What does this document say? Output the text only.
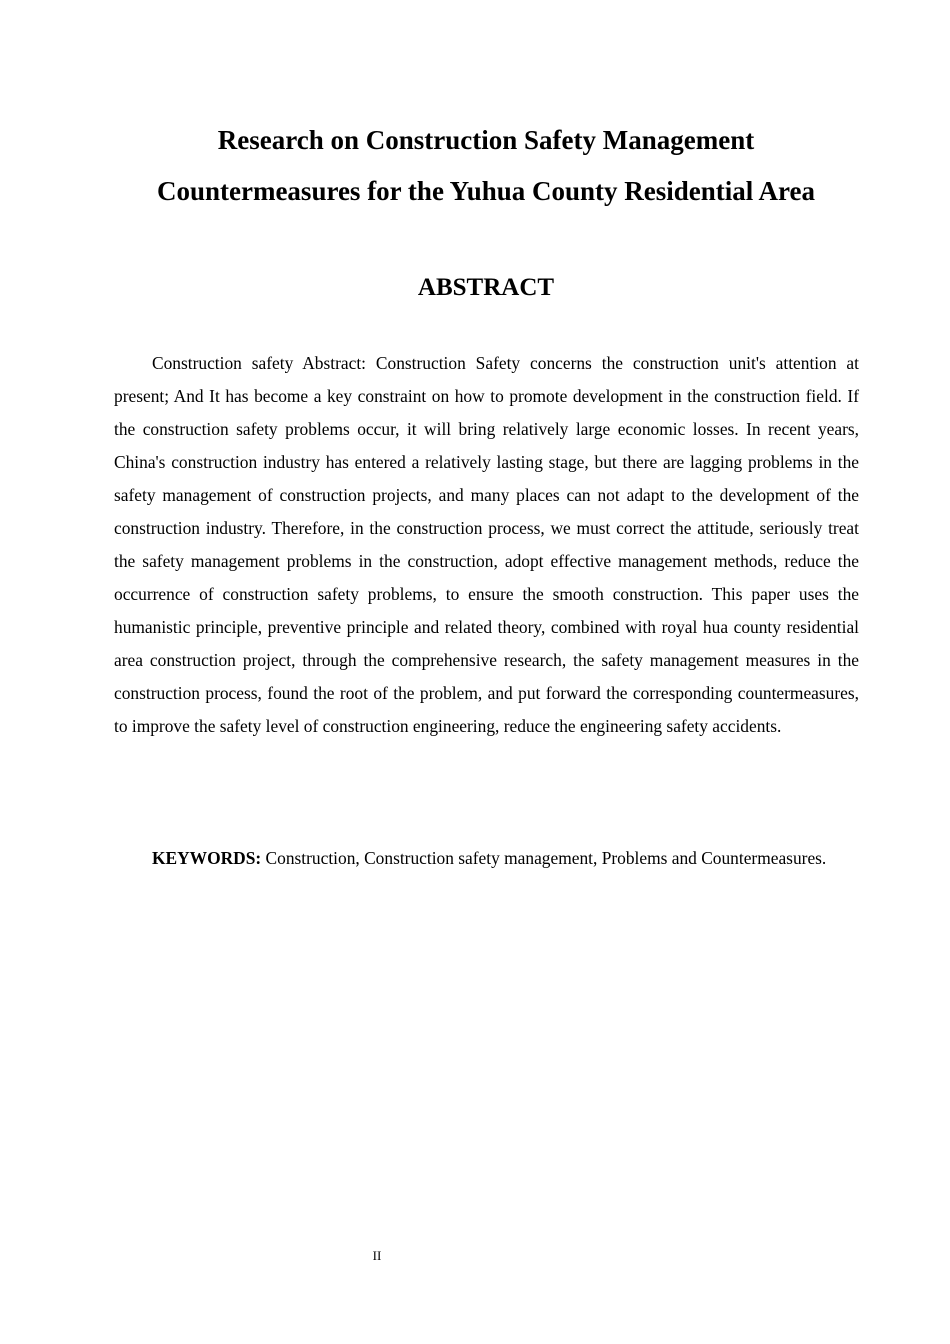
Research on Construction Safety Management
Countermeasures for the Yuhua County Residential Area
ABSTRACT

Construction safety Abstract: Construction Safety concerns the construction unit's attention at present; And It has become a key constraint on how to promote development in the construction field. If the construction safety problems occur, it will bring relatively large economic losses. In recent years, China's construction industry has entered a relatively lasting stage, but there are lagging problems in the safety management of construction projects, and many places can not adapt to the development of the construction industry. Therefore, in the construction process, we must correct the attitude, seriously treat the safety management problems in the construction, adopt effective management methods, reduce the occurrence of construction safety problems, to ensure the smooth construction. This paper uses the humanistic principle, preventive principle and related theory, combined with royal hua county residential area construction project, through the comprehensive research, the safety management measures in the construction process, found the root of the problem, and put forward the corresponding countermeasures, to improve the safety level of construction engineering, reduce the engineering safety accidents.

KEYWORDS: Construction, Construction safety management, Problems and Countermeasures.

II
